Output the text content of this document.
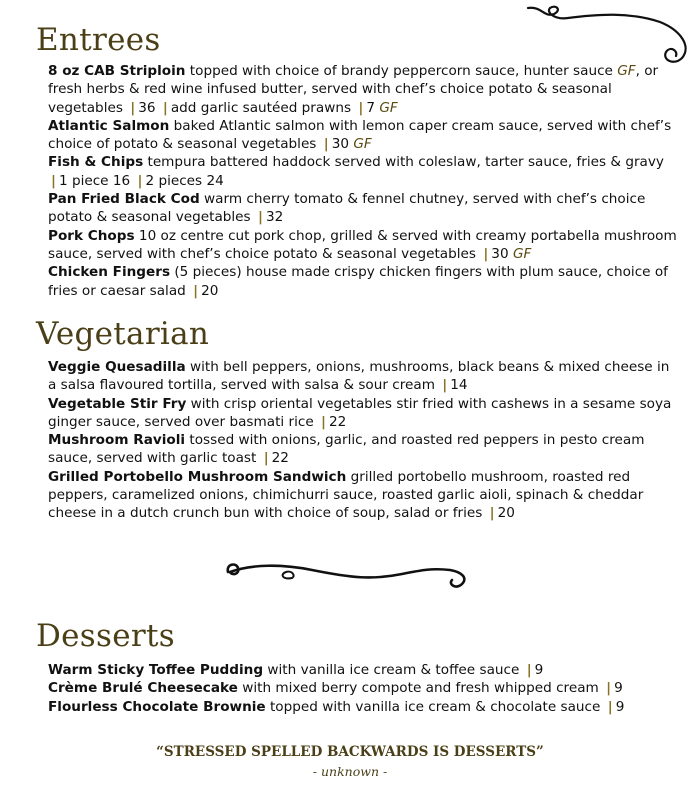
Entrees
8 oz CAB Striploin topped with choice of brandy peppercorn sauce, hunter sauce GF, or fresh herbs & red wine infused butter, served with chef’s choice potato & seasonal vegetables | 36 | add garlic sautéed prawns | 7 GF
Atlantic Salmon baked Atlantic salmon with lemon caper cream sauce, served with chef’s choice of potato & seasonal vegetables | 30 GF
Fish & Chips tempura battered haddock served with coleslaw, tarter sauce, fries & gravy | 1 piece 16 | 2 pieces 24
Pan Fried Black Cod warm cherry tomato & fennel chutney, served with chef’s choice potato & seasonal vegetables | 32
Pork Chops 10 oz centre cut pork chop, grilled & served with creamy portabella mushroom sauce, served with chef’s choice potato & seasonal vegetables | 30 GF
Chicken Fingers (5 pieces) house made crispy chicken fingers with plum sauce, choice of fries or caesar salad | 20
Vegetarian
Veggie Quesadilla with bell peppers, onions, mushrooms, black beans & mixed cheese in a salsa flavoured tortilla, served with salsa & sour cream | 14
Vegetable Stir Fry with crisp oriental vegetables stir fried with cashews in a sesame soya ginger sauce, served over basmati rice | 22
Mushroom Ravioli tossed with onions, garlic, and roasted red peppers in pesto cream sauce, served with garlic toast | 22
Grilled Portobello Mushroom Sandwich grilled portobello mushroom, roasted red peppers, caramelized onions, chimichurri sauce, roasted garlic aioli, spinach & cheddar cheese in a dutch crunch bun with choice of soup, salad or fries | 20
Desserts
Warm Sticky Toffee Pudding with vanilla ice cream & toffee sauce | 9
Crème Brulé Cheesecake with mixed berry compote and fresh whipped cream | 9
Flourless Chocolate Brownie topped with vanilla ice cream & chocolate sauce | 9
“STRESSED SPELLED BACKWARDS IS DESSERTS”
- unknown -
